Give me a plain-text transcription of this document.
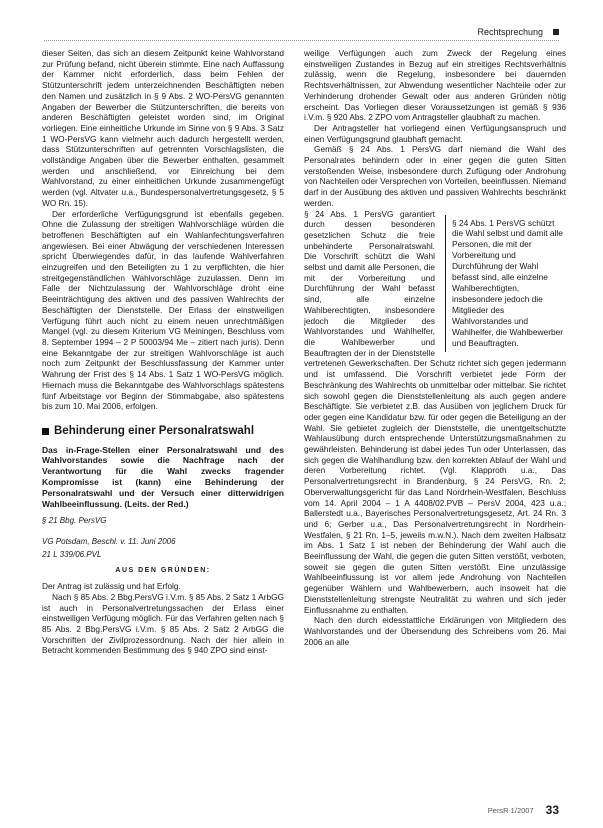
Rechtsprechung

dieser Seiten, das sich an diesem Zeitpunkt keine Wahlvorstand zur Prüfung befand, nicht überein stimmte. Eine nach Auffassung der Kammer nicht erforderlich, dass beim Fehlen der Stützunterschrift jedem unterzeichnenden Beschäftigten neben den Namen und zusätzlich in § 9 Abs. 2 WO-PersVG genannten Angaben der Bewerber die Stützunterschriften, die bereits von anderen Beschäftigten geleistet worden sind, im Original vorliegen. Eine einheitliche Urkunde im Sinne von § 9 Abs. 3 Satz 1 WO-PersVG kann vielmehr auch dadurch hergestellt werden, dass Stützunterschriften auf getrennten Vorschlagslisten, die vollständige Angaben über die Bewerber enthalten, gesammelt werden und anschließend, vor Einreichung bei dem Wahlvorstand, zu einer einheitlichen Urkunde zusammengefügt werden (vgl. Altvater u.a., Bundespersonalvertretungsgesetz, § 5 WO Rn. 15).

Der erforderliche Verfügungsgrund ist ebenfalls gegeben. Ohne die Zulassung der streitigen Wahlvorschläge würden die betroffenen Beschäftigten auf ein Wahlanfechtungsverfahren angewiesen. Bei einer Abwägung der verschiedenen Interessen spricht Überwiegendes dafür, in das laufende Wahlverfahren einzugreifen und den Beteiligten zu 1 zu verpflichten, die hier streitgegenständlichen Wahlvorschläge zuzulassen. Denn im Falle der Nichtzulassung der Wahlvorschläge droht eine Beeinträchtigung des aktiven und des passiven Wahlrechts der Beschäftigten der Dienststelle. Der Erlass der einstweiligen Verfügung führt auch nicht zu einem neuen unrechtmäßigen Mangel (vgl. zu diesem Kriterium VG Meiningen, Beschluss vom 8. September 1994 – 2 P 50003/94 Me – zitiert nach juris). Denn eine Bekanntgabe der zur streitigen Wahlvorschläge ist auch noch zum Zeitpunkt der Beschlussfassung der Kammer unter Wahrung der Frist des § 14 Abs. 1 Satz 1 WO-PersVG möglich. Hiernach muss die Bekanntgabe des Wahlvorschlags spätestens fünf Arbeitstage vor Beginn der Stimmabgabe, also spätestens bis zum 10. Mai 2006, erfolgen.

Behinderung einer Personalratswahl
Das in-Frage-Stellen einer Personalratswahl und des Wahlvorstandes sowie die Nachfrage nach der Verantwortung für die Wahl zwecks fragender Kompromisse ist (kann) eine Behinderung der Personalratswahl und der Versuch einer ditterwidrigen Wahlbeeinflussung. (Leits. der Red.)
§ 21 Bbg. PersVG
VG Potsdam, Beschl. v. 11. Juni 2006
21 L 339/06.PVL
AUS DEN GRÜNDEN:

Der Antrag ist zulässig und hat Erfolg.

Nach § 85 Abs. 2 Bbg.PersVG i.V.m. § 85 Abs. 2 Satz 1 ArbGG ist auch in Personalvertretungssachen der Erlass einer einstweiligen Verfügung möglich. Für das Verfahren gelten nach § 85 Abs. 2 Bbg.PersVG i.V.m. § 85 Abs. 2 Satz 2 ArbGG die Vorschriften der Zivilprozessordnung. Nach der hier allein in Betracht kommenden Bestimmung des § 940 ZPO sind einst-

weilige Verfügungen auch zum Zweck der Regelung eines einstweiligen Zustandes in Bezug auf ein streitiges Rechtsverhältnis zulässig, wenn die Regelung, insbesondere bei dauernden Rechtsverhältnissen, zur Abwendung wesentlicher Nachteile oder zur Verhinderung drohender Gewalt oder aus anderen Gründen nötig erscheint. Das Vorliegen dieser Voraussetzungen ist gemäß § 936 i.V.m. § 920 Abs. 2 ZPO vom Antragsteller glaubhaft zu machen.

Der Antragsteller hat vorliegend einen Verfügungsanspruch und einen Verfügungsgrund glaubhaft gemacht.

Gemäß § 24 Abs. 1 PersVG darf niemand die Wahl des Personalrates behindern oder in einer gegen die guten Sitten verstoßenden Weise, insbesondere durch Zufügung oder Androhung von Nachteilen oder Versprechen von Vorteilen, beeinflussen. Niemand darf in der Ausübung des aktiven und passiven Wahlrechts beschränkt werden.

§ 24 Abs. 1 PersVG schützt die Wahl selbst und damit alle Personen, die mit der Vorbereitung und Durchführung der Wahl befasst sind, alle einzelne Wahlberechtigten, insbesondere jedoch die Mitglieder des Wahlvorstandes und Wahlhelfer, die Wahlbewerber und Beauftragten.

§ 24 Abs. 1 PersVG garantiert durch dessen besonderen gesetzlichen Schutz die freie unbehinderte Personalratswahl. Die Vorschrift schützt die Wahl selbst und damit alle Personen, die mit der Vorbereitung und Durchführung der Wahl befasst sind, alle einzelne Wahlberechtigten, insbesondere jedoch die Mitglieder des Wahlvorstandes und Wahlhelfer, die Wahlbewerber und Beauftragten der in der Dienststelle vertretenen Gewerkschaften. Der Schutz richtet sich gegen jedermann und ist umfassend. Die Vorschrift verbietet jede Form der Beschränkung des Wahlrechts ob unmittelbar oder mittelbar. Sie richtet sich sowohl gegen die Dienststellenleitung als auch gegen andere Beschäftigte. Sie verbietet z.B. das Ausüben von jeglichem Druck für oder gegen eine Kandidatur bzw. für oder gegen die Beteiligung an der Wahl. Sie gebietet zugleich der Dienststelle, die unentgeltschutzte Wahlausübung durch entsprechende Unterstützungsmaßnahmen zu gewährleisten. Behinderung ist dabei jedes Tun oder Unterlassen, das sich gegen die Wahlhandlung bzw. den korrekten Ablauf der Wahl und deren Vorbereitung richtet. (Vgl. Klapproth u.a., Das Personalvertretungsrecht in Brandenburg, § 24 PersVG, Rn. 2; Oberverwaltungsgericht für das Land Nordrhein-Westfalen, Beschluss vom 14. April 2004 – 1 A 4408/02.PVB – PersV 2004, 423 u.a.; Ballerstedt u.a., Bayerisches Personalvertretungsgesetz, Art. 24 Rn. 3 und 6; Gerber u.a., Das Personalvertretungsrecht in Nordrhein-Westfalen, § 21 Rn. 1–5, jeweils m.w.N.). Nach dem zweiten Halbsatz im Abs. 1 Satz 1 ist neben der Behinderung der Wahl auch die Beeinflussung der Wahl, die gegen die guten Sitten verstößt, verboten, soweit sie gegen die guten Sitten verstößt. Eine unzulässige Wahlbeeinflussung ist vor allem jede Androhung von Nachteilen gegenüber Wählern und Wahlbewerbern, auch insoweit hat die Dienststellenleitung strengste Neutralität zu wahren und sich jeder Einflussnahme zu enthalten.

Nach den durch eidesstattliche Erklärungen von Mitgliedern des Wahlvorstandes und der Übersendung des Schreibens vom 26. Mai 2006 an alle

PersR 1/2007 33
